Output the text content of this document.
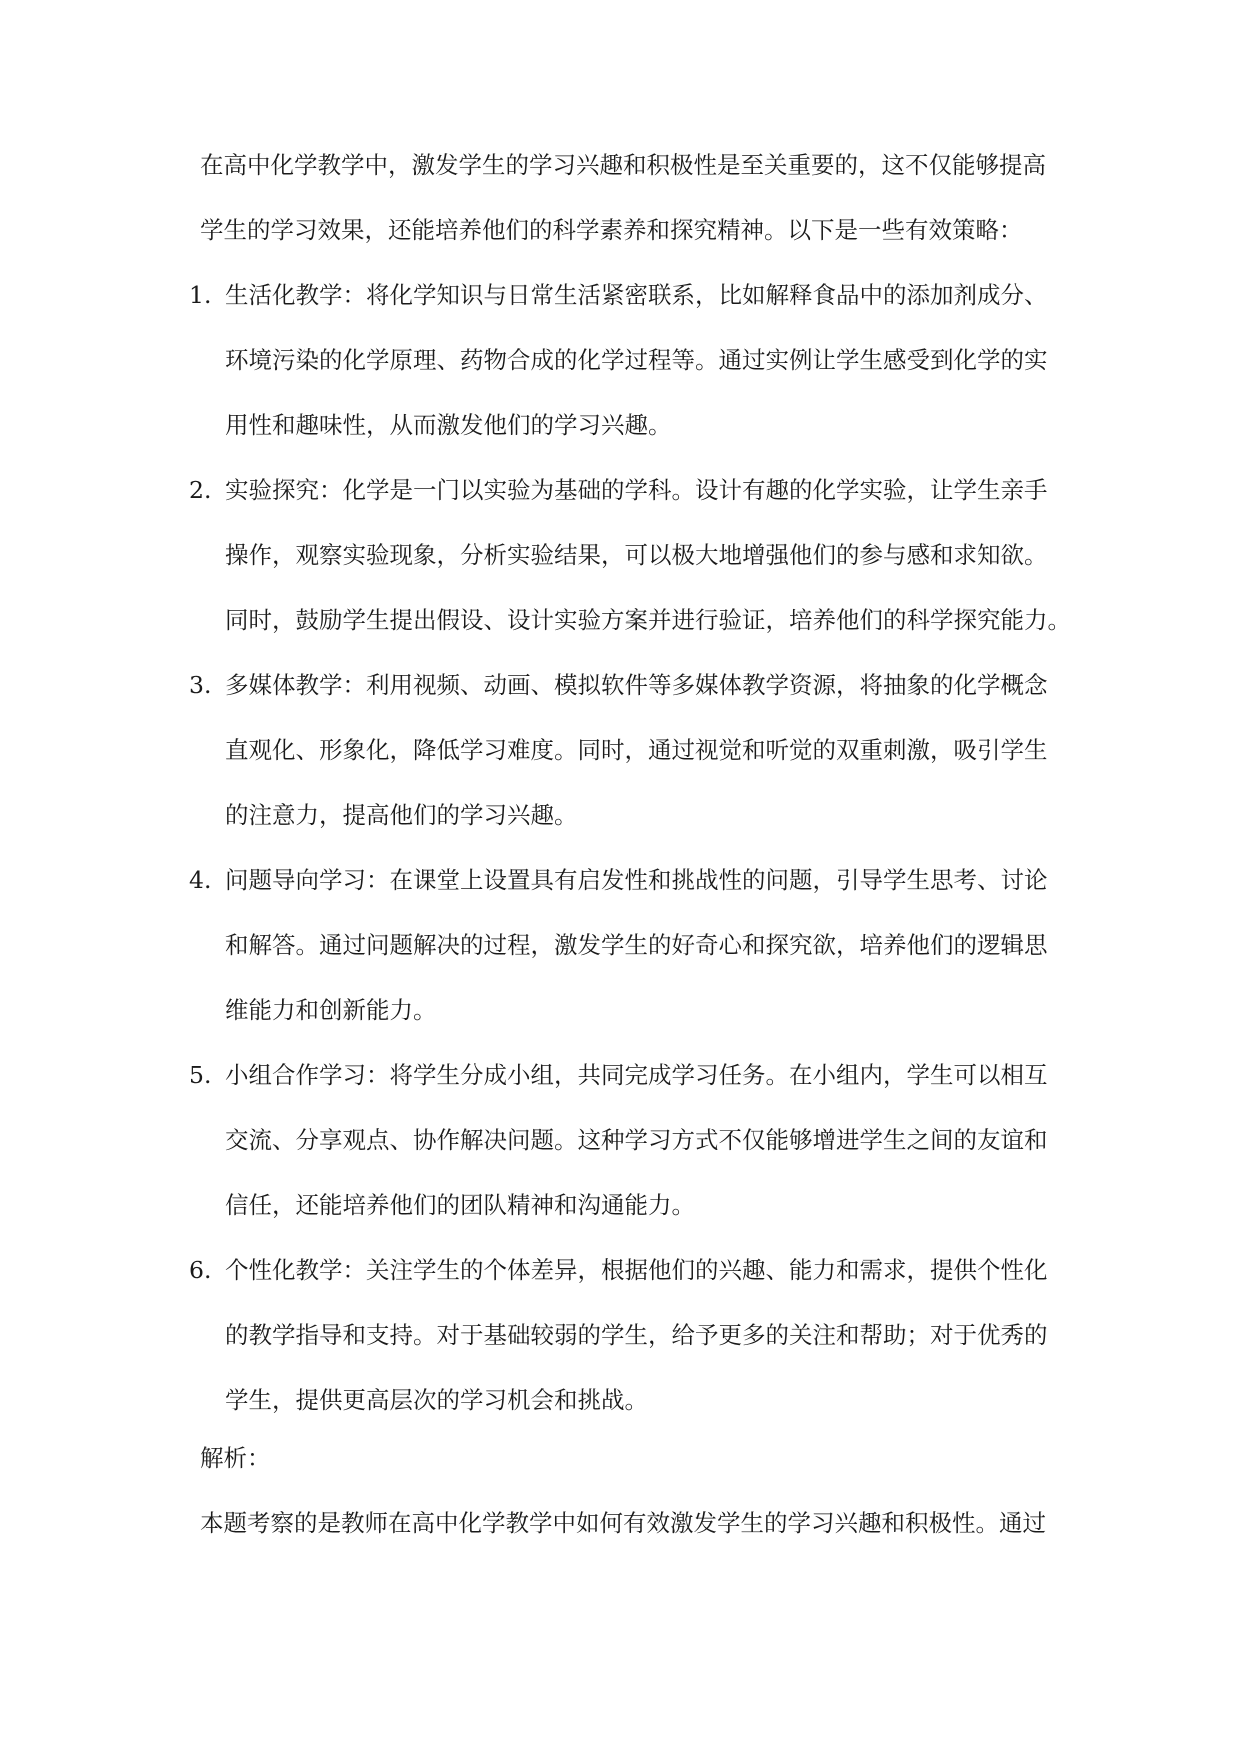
在高中化学教学中，激发学生的学习兴趣和积极性是至关重要的，这不仅能够提高
学生的学习效果，还能培养他们的科学素养和探究精神。以下是一些有效策略：
1. 生活化教学：将化学知识与日常生活紧密联系，比如解释食品中的添加剂成分、
环境污染的化学原理、药物合成的化学过程等。通过实例让学生感受到化学的实
用性和趣味性，从而激发他们的学习兴趣。
2. 实验探究：化学是一门以实验为基础的学科。设计有趣的化学实验，让学生亲手
操作，观察实验现象，分析实验结果，可以极大地增强他们的参与感和求知欲。
同时，鼓励学生提出假设、设计实验方案并进行验证，培养他们的科学探究能力。
3. 多媒体教学：利用视频、动画、模拟软件等多媒体教学资源，将抽象的化学概念
直观化、形象化，降低学习难度。同时，通过视觉和听觉的双重刺激，吸引学生
的注意力，提高他们的学习兴趣。
4. 问题导向学习：在课堂上设置具有启发性和挑战性的问题，引导学生思考、讨论
和解答。通过问题解决的过程，激发学生的好奇心和探究欲，培养他们的逻辑思
维能力和创新能力。
5. 小组合作学习：将学生分成小组，共同完成学习任务。在小组内，学生可以相互
交流、分享观点、协作解决问题。这种学习方式不仅能够增进学生之间的友谊和
信任，还能培养他们的团队精神和沟通能力。
6. 个性化教学：关注学生的个体差异，根据他们的兴趣、能力和需求，提供个性化
的教学指导和支持。对于基础较弱的学生，给予更多的关注和帮助；对于优秀的
学生，提供更高层次的学习机会和挑战。
解析：
本题考察的是教师在高中化学教学中如何有效激发学生的学习兴趣和积极性。通过
